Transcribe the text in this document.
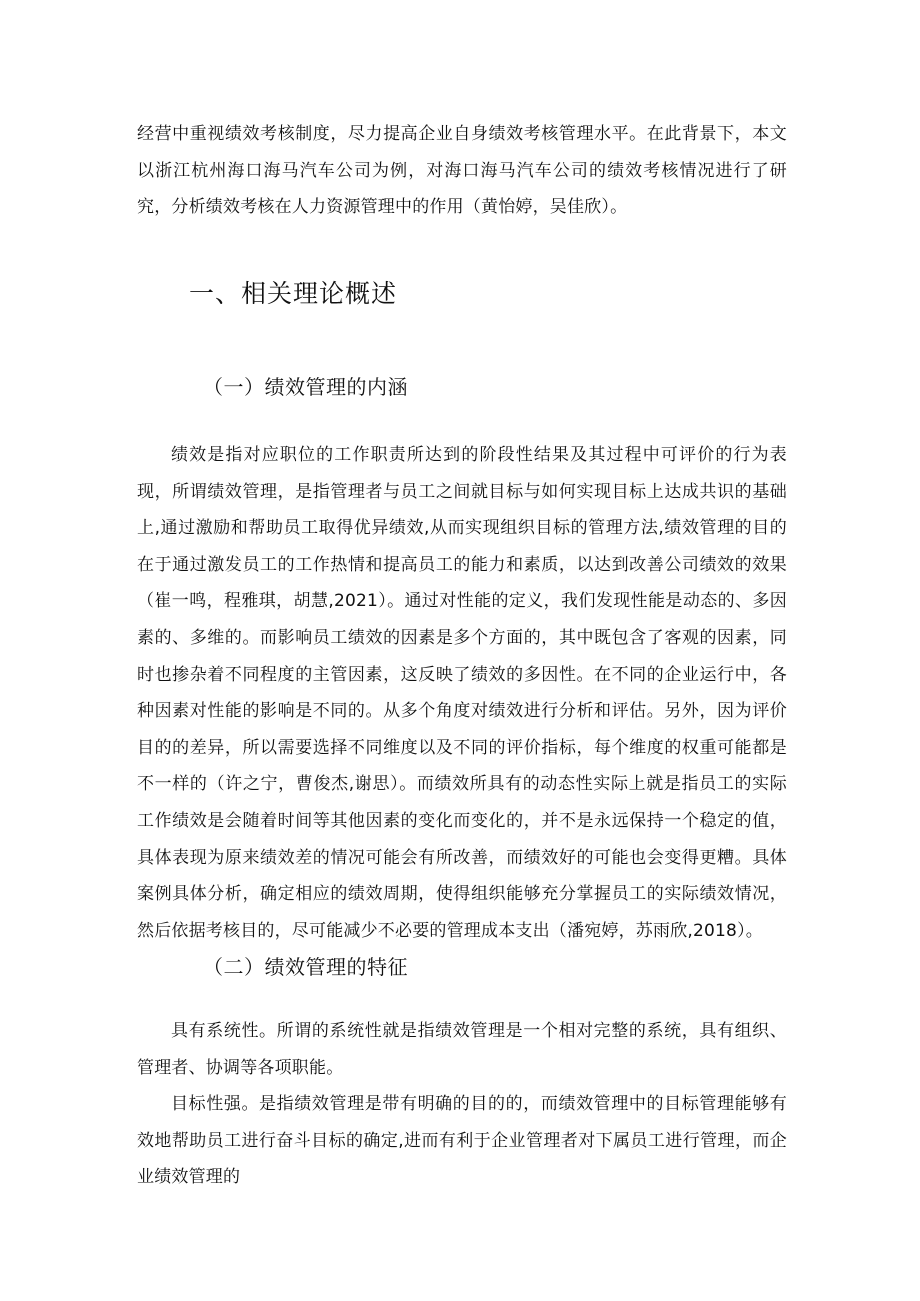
经营中重视绩效考核制度，尽力提高企业自身绩效考核管理水平。在此背景下，本文以浙江杭州海口海马汽车公司为例，对海口海马汽车公司的绩效考核情况进行了研究，分析绩效考核在人力资源管理中的作用（黄怡婷，吴佳欣）。

一、相关理论概述
（一）绩效管理的内涵

绩效是指对应职位的工作职责所达到的阶段性结果及其过程中可评价的行为表现，所谓绩效管理，是指管理者与员工之间就目标与如何实现目标上达成共识的基础上,通过激励和帮助员工取得优异绩效,从而实现组织目标的管理方法,绩效管理的目的在于通过激发员工的工作热情和提高员工的能力和素质，以达到改善公司绩效的效果（崔一鸣，程雅琪，胡慧,2021）。通过对性能的定义，我们发现性能是动态的、多因素的、多维的。而影响员工绩效的因素是多个方面的，其中既包含了客观的因素，同时也掺杂着不同程度的主管因素，这反映了绩效的多因性。在不同的企业运行中，各种因素对性能的影响是不同的。从多个角度对绩效进行分析和评估。另外，因为评价目的的差异，所以需要选择不同维度以及不同的评价指标，每个维度的权重可能都是不一样的（许之宁，曹俊杰,谢思）。而绩效所具有的动态性实际上就是指员工的实际工作绩效是会随着时间等其他因素的变化而变化的，并不是永远保持一个稳定的值，具体表现为原来绩效差的情况可能会有所改善，而绩效好的可能也会变得更糟。具体案例具体分析，确定相应的绩效周期，使得组织能够充分掌握员工的实际绩效情况，然后依据考核目的，尽可能减少不必要的管理成本支出（潘宛婷，苏雨欣,2018）。

（二）绩效管理的特征

具有系统性。所谓的系统性就是指绩效管理是一个相对完整的系统，具有组织、管理者、协调等各项职能。

目标性强。是指绩效管理是带有明确的目的的，而绩效管理中的目标管理能够有效地帮助员工进行奋斗目标的确定,进而有利于企业管理者对下属员工进行管理，而企业绩效管理的
